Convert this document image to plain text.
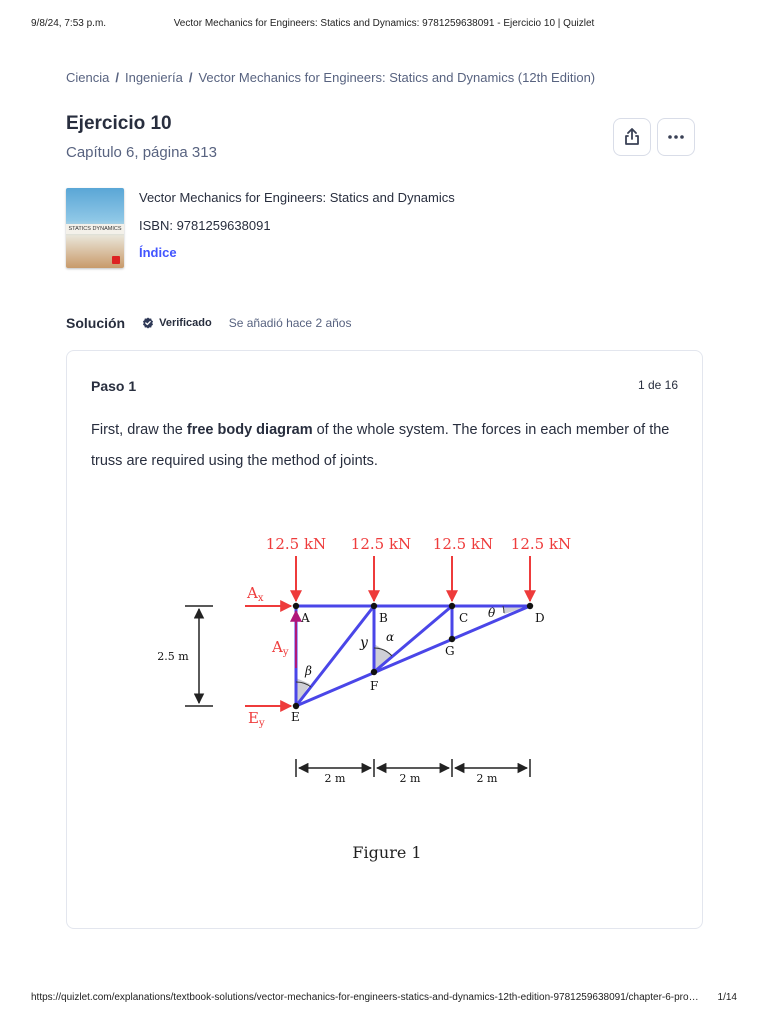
9/8/24, 7:53 p.m.	Vector Mechanics for Engineers: Statics and Dynamics: 9781259638091 - Ejercicio 10 | Quizlet
Ciencia / Ingeniería / Vector Mechanics for Engineers: Statics and Dynamics (12th Edition)
Ejercicio 10
Capítulo 6, página 313
STATICS DYNAMICS
Vector Mechanics for Engineers: Statics and Dynamics
ISBN: 9781259638091
Índice
Solución	Verificado Se añadió hace 2 años
Paso 1	1 de 16
First, draw the free body diagram of the whole system. The forces in each member of the truss are required using the method of joints.
A	B	C	D
E
F
G
β
α
θ
y
12.5 kN 12.5 kN 12.5 kN 12.5 kN
$A_x$
$A_y$
$E_y$
2.5 m
2 m	2 m	2 m
Figure 1
https://quizlet.com/explanations/textbook-solutions/vector-mechanics-for-engineers-statics-and-dynamics-12th-edition-9781259638091/chapter-6-pro…	1/14
